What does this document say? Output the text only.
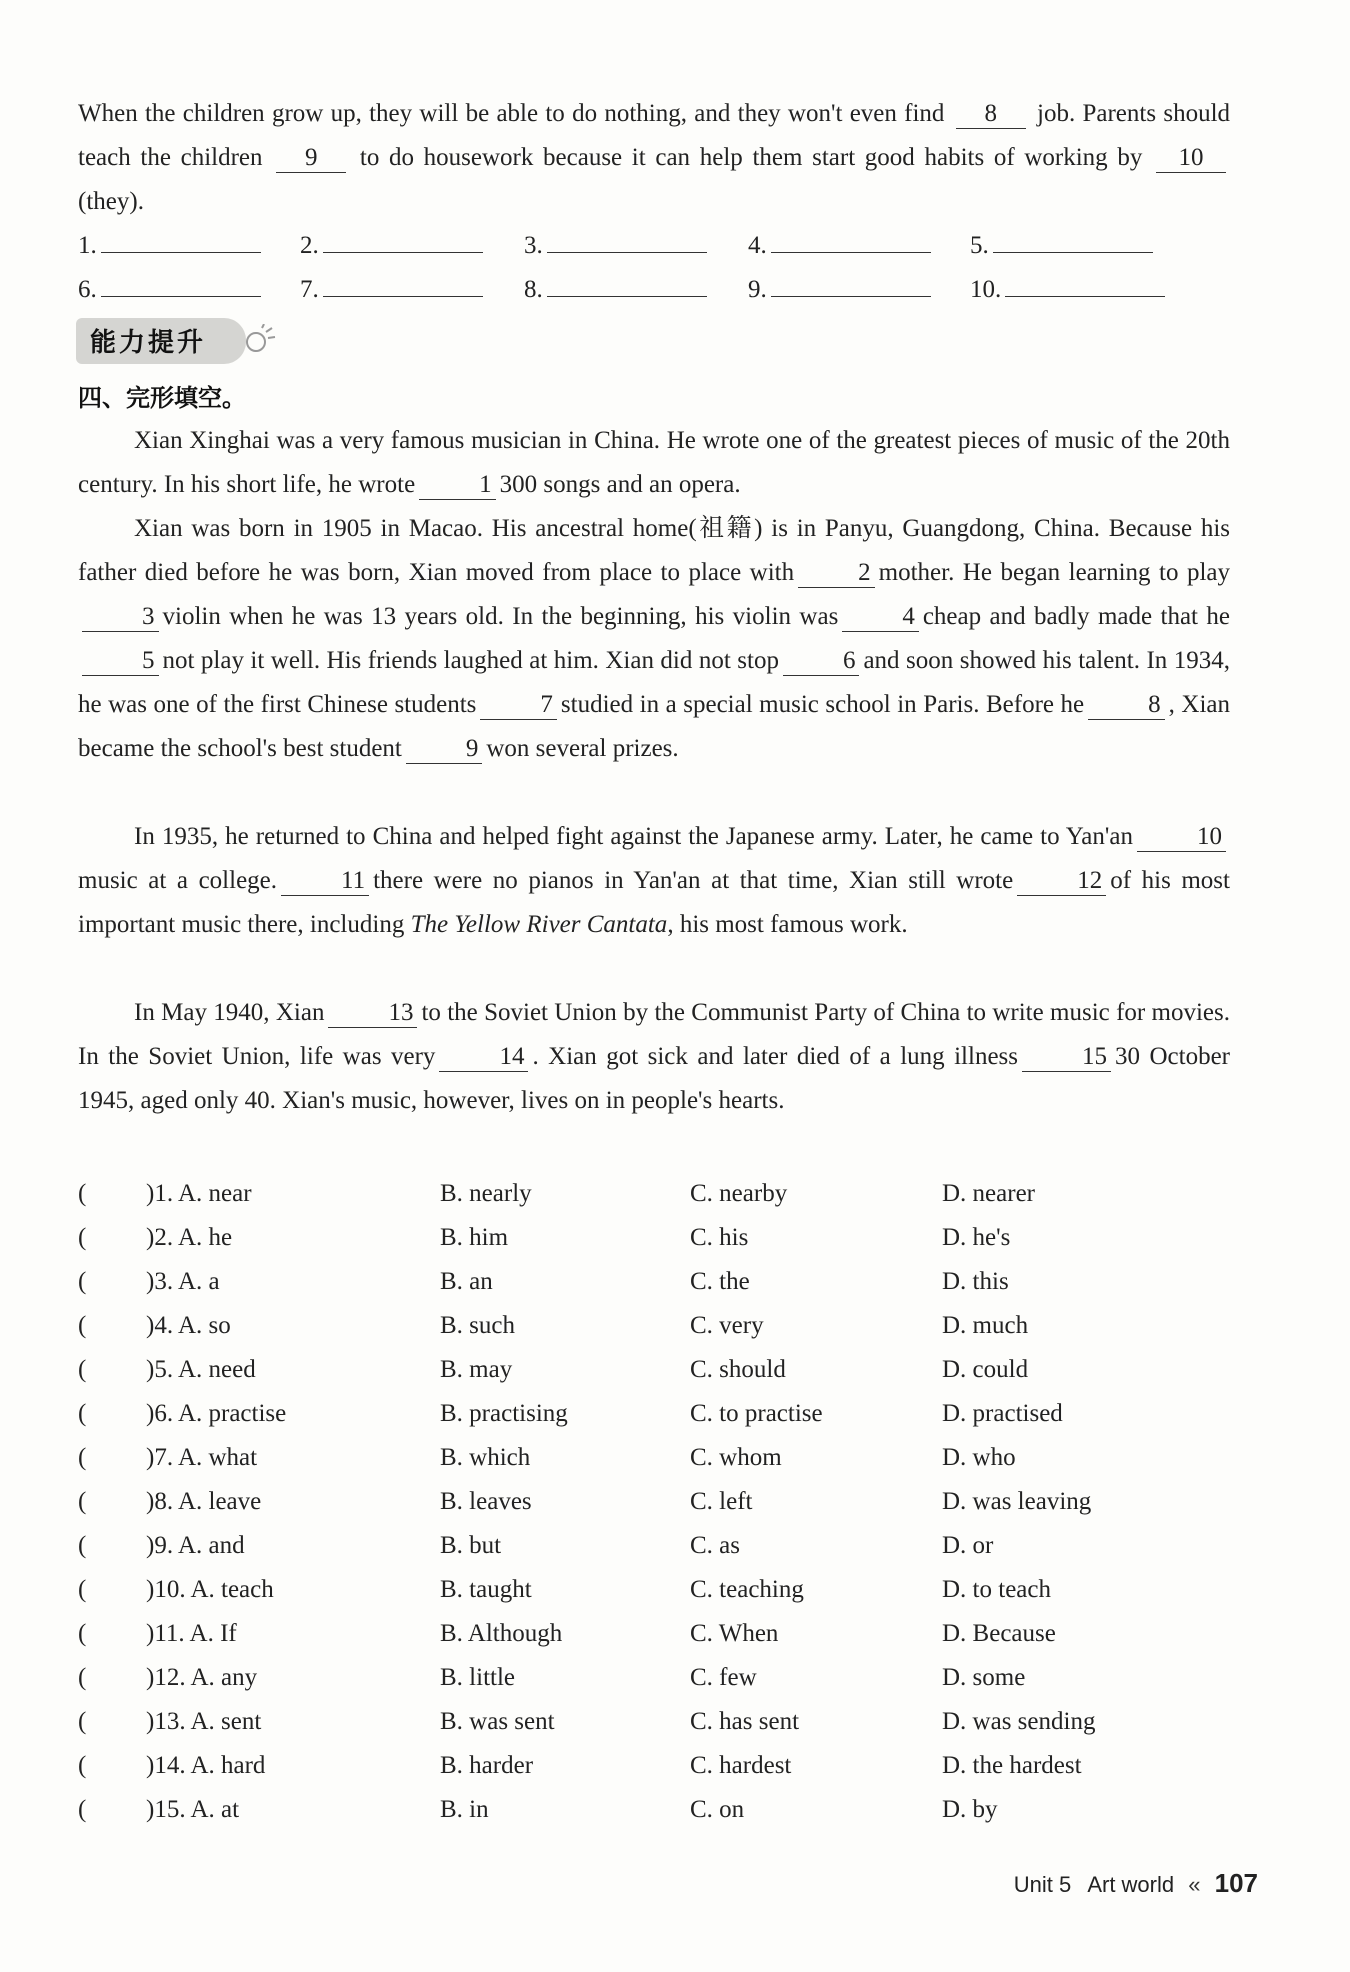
When the children grow up, they will be able to do nothing, and they won't even find 8 job. Parents should teach the children 9 to do housework because it can help them start good habits of working by 10 (they).
1.	2.	3.	4.	5.
6.	7.	8.	9.	10.
能力提升
四、完形填空。
Xian Xinghai was a very famous musician in China. He wrote one of the greatest pieces of music of the 20th century. In his short life, he wrote	1 300 songs and an opera.
Xian was born in 1905 in Macao. His ancestral home(祖籍) is in Panyu, Guangdong, China. Because his father died before he was born, Xian moved from place to place with	2 mother. He began learning to play3 violin when he was 13 years old. In the beginning, his violin was	4 cheap and badly made that he5 not play it well. His friends laughed at him. Xian did not stop	6 and soon showed his talent. In 1934, he was one of the first Chinese students	7 studied in a special music school in Paris. Before he	8 , Xian became the school's best student	9 won several prizes.
In 1935, he returned to China and helped fight against the Japanese army. Later, he came to Yan'an	10music at a college.	11 there were no pianos in Yan'an at that time, Xian still wrote	12 of his most important music there, including The Yellow River Cantata, his most famous work.
In May 1940, Xian	13 to the Soviet Union by the Communist Party of China to write music for movies. In the Soviet Union, life was very	14 . Xian got sick and later died of a lung illness	15 30 October 1945, aged only 40. Xian's music, however, lives on in people's hearts.
( )1. A. near	B. nearly	C. nearby	D. nearer
( )2. A. he	B. him	C. his	D. he's
( )3. A. a	B. an	C. the	D. this
( )4. A. so	B. such	C. very	D. much
( )5. A. need	B. may	C. should	D. could
( )6. A. practise	B. practising	C. to practise	D. practised
( )7. A. what	B. which	C. whom	D. who
( )8. A. leave	B. leaves	C. left	D. was leaving
( )9. A. and	B. but	C. as	D. or
( )10. A. teach	B. taught	C. teaching	D. to teach
( )11. A. If	B. Although	C. When	D. Because
( )12. A. any	B. little	C. few	D. some
( )13. A. sent	B. was sent	C. has sent	D. was sending
( )14. A. hard	B. harder	C. hardest	D. the hardest
( )15. A. at	B. in	C. on	D. by
Unit 5 Art world « 107
